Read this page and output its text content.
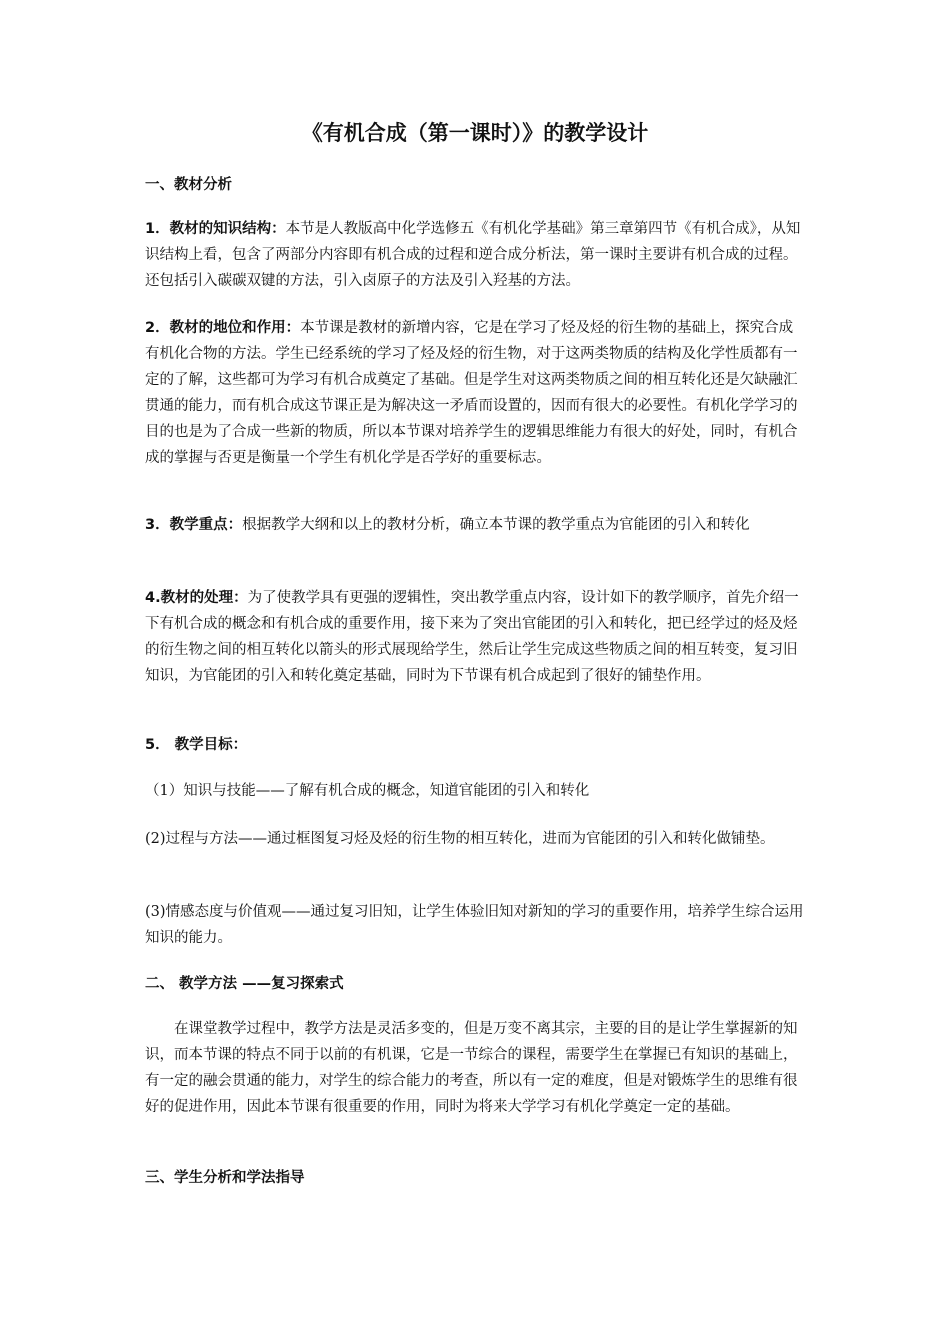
《有机合成（第一课时）》的教学设计
一、教材分析

1．教材的知识结构：本节是人教版高中化学选修五《有机化学基础》第三章第四节《有机合成》，从知识结构上看，包含了两部分内容即有机合成的过程和逆合成分析法，第一课时主要讲有机合成的过程。还包括引入碳碳双键的方法，引入卤原子的方法及引入羟基的方法。

2．教材的地位和作用：本节课是教材的新增内容，它是在学习了烃及烃的衍生物的基础上，探究合成有机化合物的方法。学生已经系统的学习了烃及烃的衍生物，对于这两类物质的结构及化学性质都有一定的了解，这些都可为学习有机合成奠定了基础。但是学生对这两类物质之间的相互转化还是欠缺融汇贯通的能力，而有机合成这节课正是为解决这一矛盾而设置的，因而有很大的必要性。有机化学学习的目的也是为了合成一些新的物质，所以本节课对培养学生的逻辑思维能力有很大的好处，同时，有机合成的掌握与否更是衡量一个学生有机化学是否学好的重要标志。

3．教学重点：根据教学大纲和以上的教材分析，确立本节课的教学重点为官能团的引入和转化

4.教材的处理：为了使教学具有更强的逻辑性，突出教学重点内容，设计如下的教学顺序，首先介绍一下有机合成的概念和有机合成的重要作用，接下来为了突出官能团的引入和转化，把已经学过的烃及烃的衍生物之间的相互转化以箭头的形式展现给学生，然后让学生完成这些物质之间的相互转变，复习旧知识，为官能团的引入和转化奠定基础，同时为下节课有机合成起到了很好的铺垫作用。

5． 教学目标：

（1）知识与技能——了解有机合成的概念，知道官能团的引入和转化

(2)过程与方法——通过框图复习烃及烃的衍生物的相互转化，进而为官能团的引入和转化做铺垫。

(3)情感态度与价值观——通过复习旧知，让学生体验旧知对新知的学习的重要作用，培养学生综合运用知识的能力。

二、 教学方法 ——复习探索式

在课堂教学过程中，教学方法是灵活多变的，但是万变不离其宗，主要的目的是让学生掌握新的知识，而本节课的特点不同于以前的有机课，它是一节综合的课程，需要学生在掌握已有知识的基础上，有一定的融会贯通的能力，对学生的综合能力的考查，所以有一定的难度，但是对锻炼学生的思维有很好的促进作用，因此本节课有很重要的作用，同时为将来大学学习有机化学奠定一定的基础。

三、学生分析和学法指导
